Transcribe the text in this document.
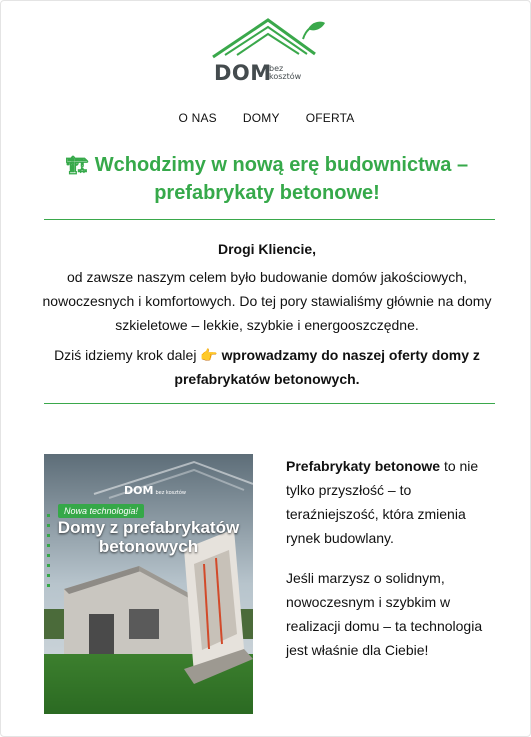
DOM
bez
kosztów
O NAS DOMY OFERTA
🏗 Wchodzimy w nową erę budownictwa – prefabrykaty betonowe!

Drogi Kliencie,

od zawsze naszym celem było budowanie domów jakościowych, nowoczesnych i komfortowych. Do tej pory stawialiśmy głównie na domy szkieletowe – lekkie, szybkie i energooszczędne.

Dziś idziemy krok dalej 👉 wprowadzamy do naszej oferty domy z prefabrykatów betonowych.

DOM bez kosztów
Nowa technologia!
Domy z prefabrykatów
betonowych

Prefabrykaty betonowe to nie tylko przyszłość – to teraźniejszość, która zmienia rynek budowlany.

Jeśli marzysz o solidnym, nowoczesnym i szybkim w realizacji domu – ta technologia jest właśnie dla Ciebie!
